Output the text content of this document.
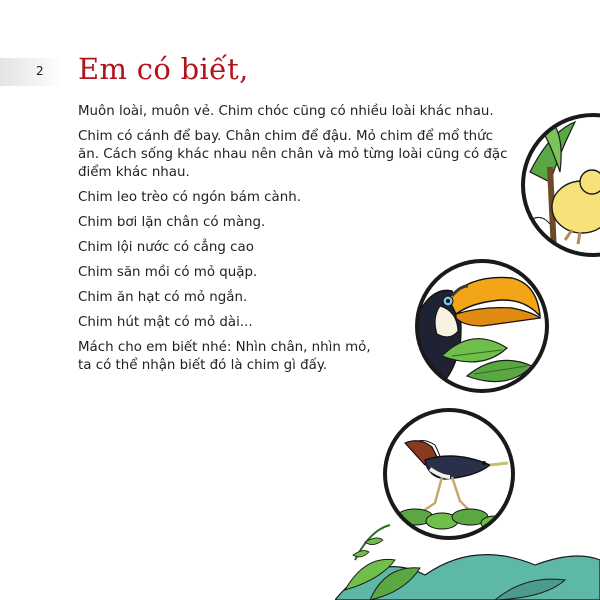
2 Em có biết,

Muôn loài, muôn vẻ. Chim chóc cũng có nhiều loài khác nhau.

Chim có cánh để bay. Chân chim để đậu. Mỏ chim để mổ thức ăn. Cách sống khác nhau nên chân và mỏ từng loài cũng có đặc điểm khác nhau.

Chim leo trèo có ngón bám cành.

Chim bơi lặn chân có màng.

Chim lội nước có cẳng cao

Chim săn mồi có mỏ quặp.

Chim ăn hạt có mỏ ngắn.

Chim hút mật có mỏ dài...

Mách cho em biết nhé: Nhìn chân, nhìn mỏ, ta có thể nhận biết đó là chim gì đấy.
